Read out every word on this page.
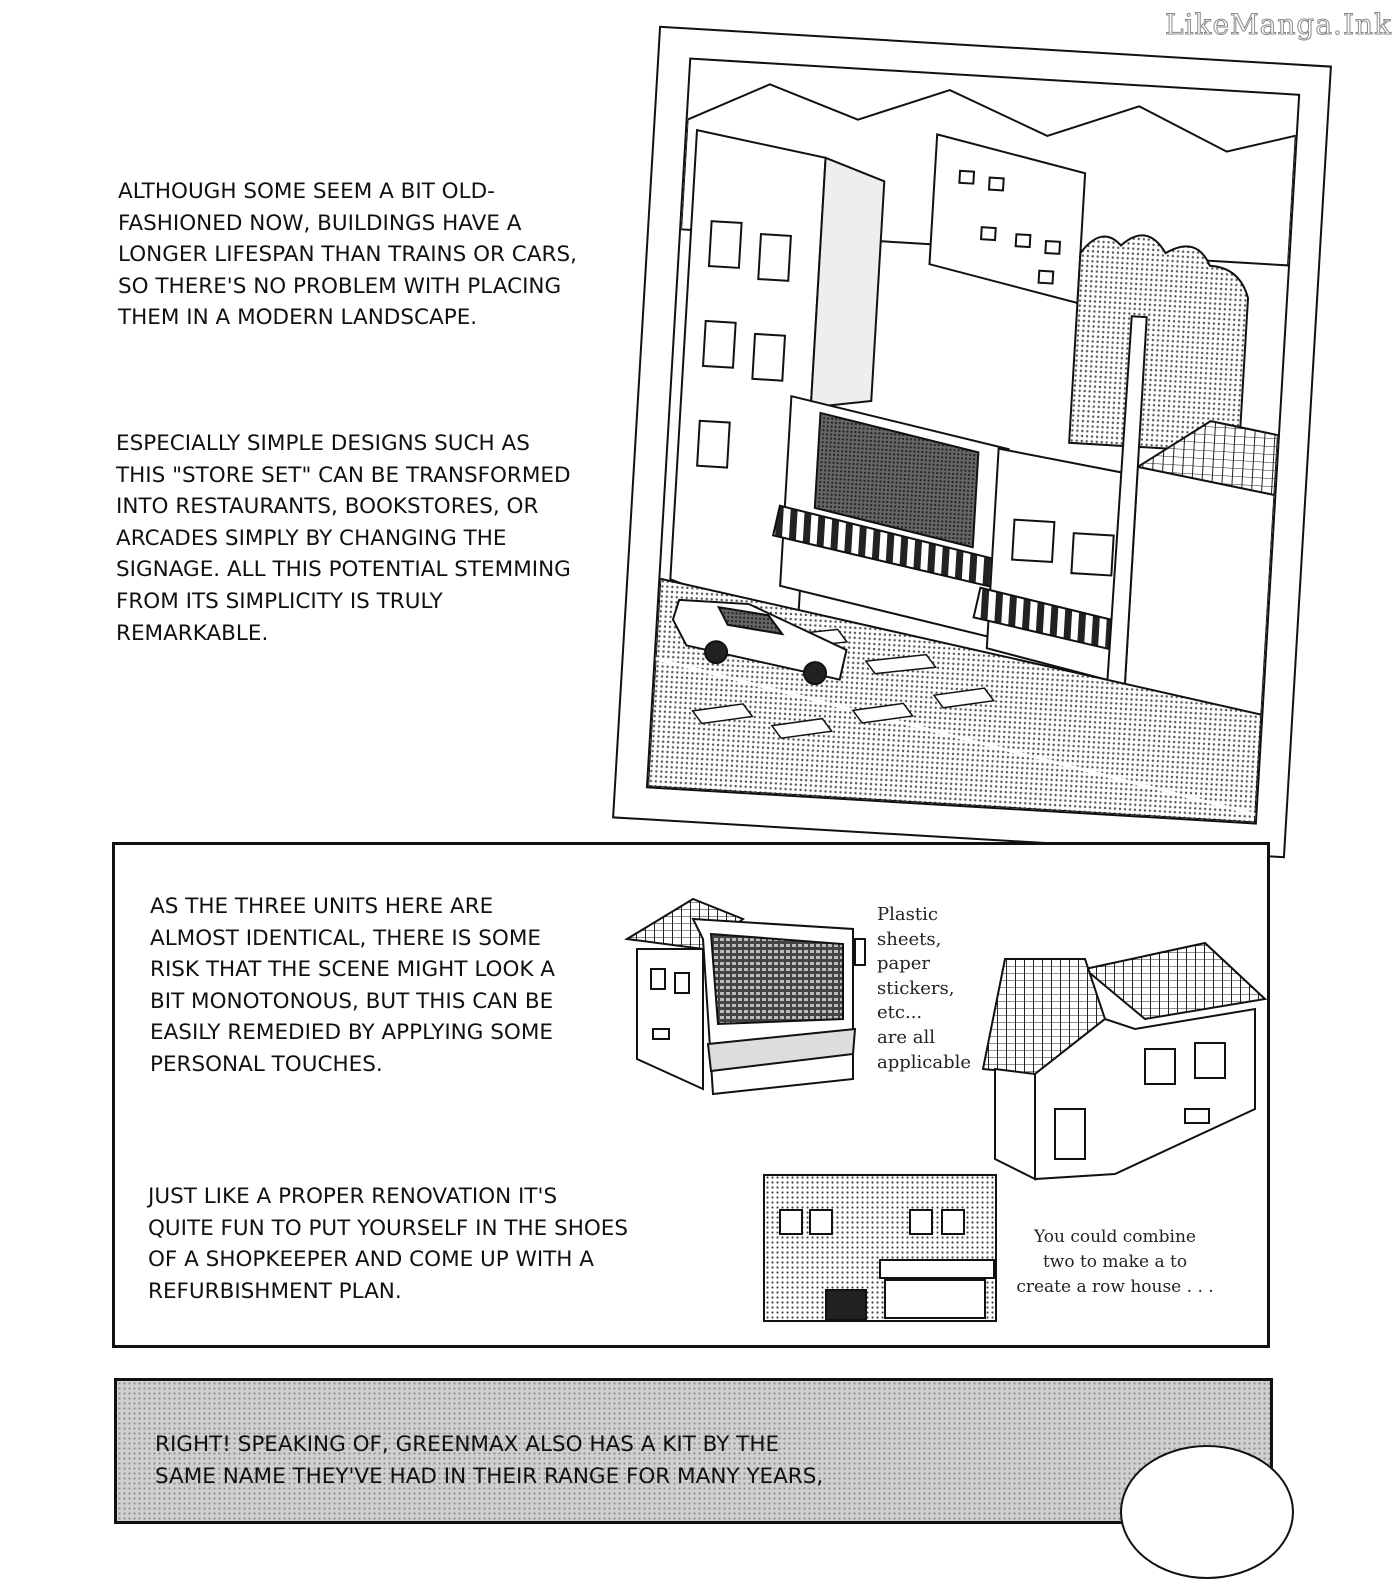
LikeManga.Ink

ALTHOUGH SOME SEEM A BIT OLD-
FASHIONED NOW, BUILDINGS HAVE A
LONGER LIFESPAN THAN TRAINS OR CARS,
SO THERE'S NO PROBLEM WITH PLACING
THEM IN A MODERN LANDSCAPE.

ESPECIALLY SIMPLE DESIGNS SUCH AS
THIS "STORE SET" CAN BE TRANSFORMED
INTO RESTAURANTS, BOOKSTORES, OR
ARCADES SIMPLY BY CHANGING THE
SIGNAGE. ALL THIS POTENTIAL STEMMING
FROM ITS SIMPLICITY IS TRULY
REMARKABLE.

AS THE THREE UNITS HERE ARE
ALMOST IDENTICAL, THERE IS SOME
RISK THAT THE SCENE MIGHT LOOK A
BIT MONOTONOUS, BUT THIS CAN BE
EASILY REMEDIED BY APPLYING SOME
PERSONAL TOUCHES.

JUST LIKE A PROPER RENOVATION IT'S
QUITE FUN TO PUT YOURSELF IN THE SHOES
OF A SHOPKEEPER AND COME UP WITH A
REFURBISHMENT PLAN.

Plastic
sheets,
paper
stickers,
etc...
are all
applicable

You could combine
two to make a to
create a row house . . .

RIGHT! SPEAKING OF, GREENMAX ALSO HAS A KIT BY THE
SAME NAME THEY'VE HAD IN THEIR RANGE FOR MANY YEARS,
